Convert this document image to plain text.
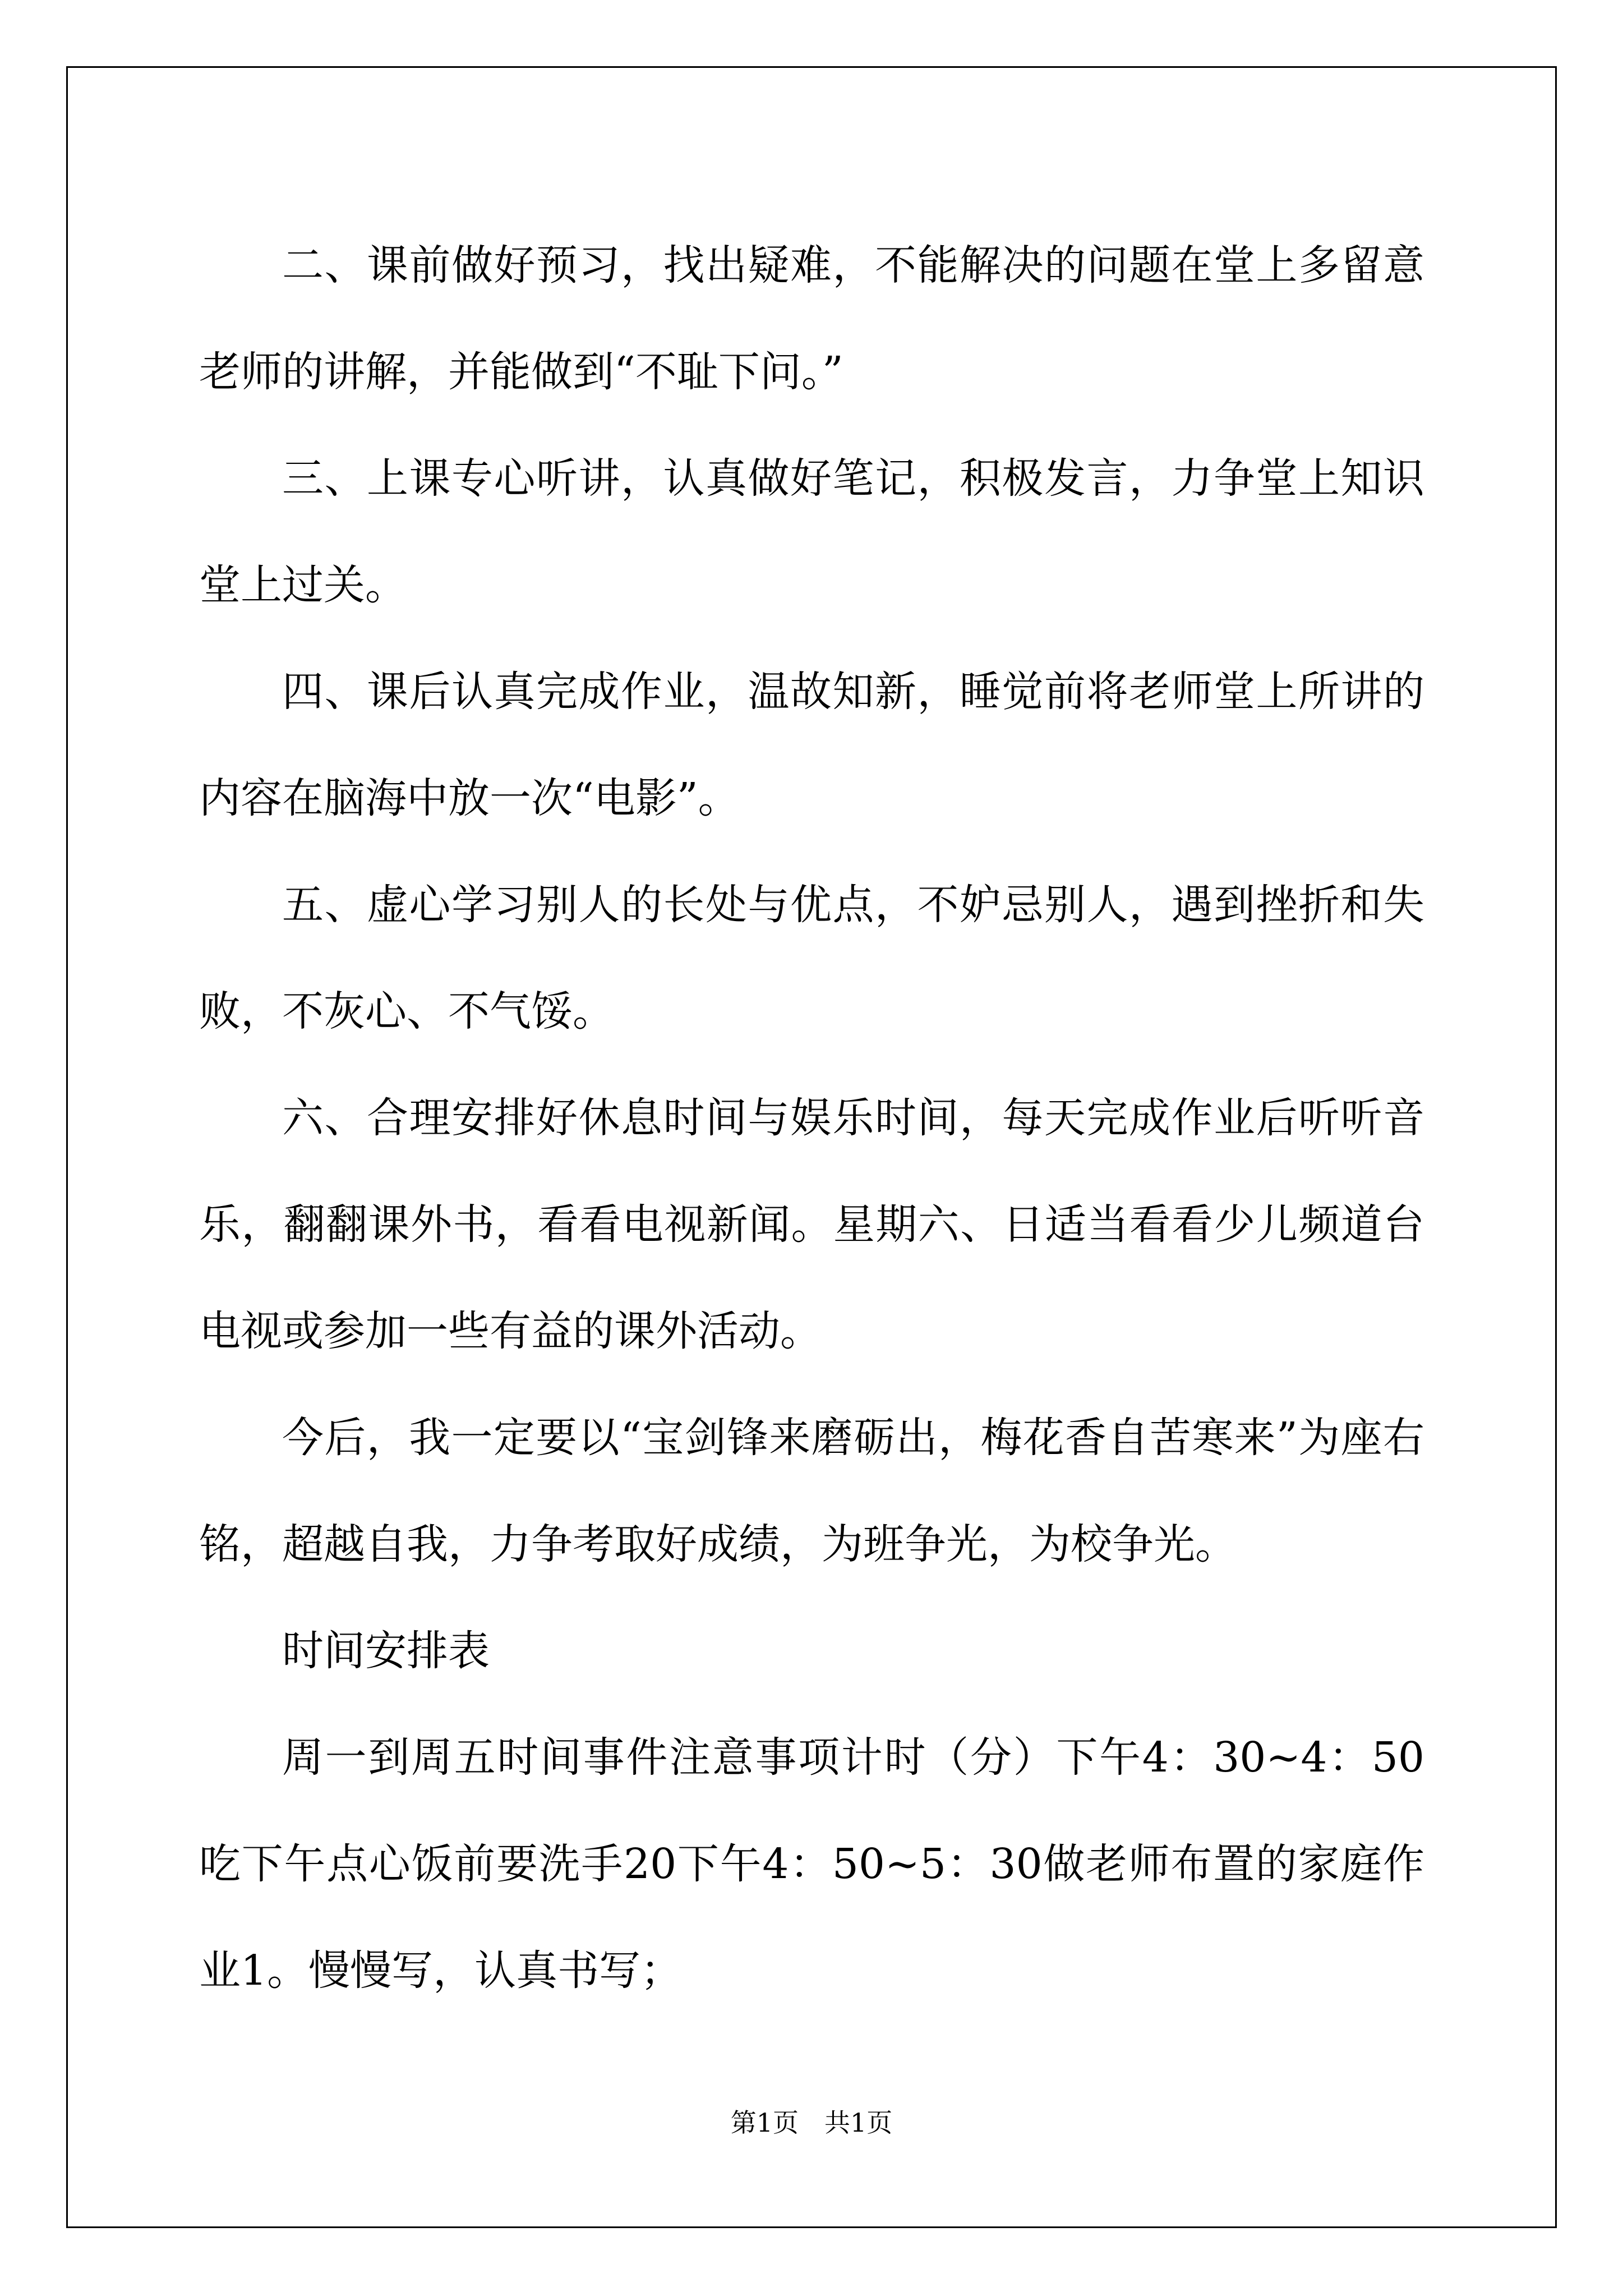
二、课前做好预习，找出疑难，不能解决的问题在堂上多留意老师的讲解，并能做到“不耻下问。”

三、上课专心听讲，认真做好笔记，积极发言，力争堂上知识堂上过关。

四、课后认真完成作业，温故知新，睡觉前将老师堂上所讲的内容在脑海中放一次“电影”。

五、虚心学习别人的长处与优点，不妒忌别人，遇到挫折和失败，不灰心、不气馁。

六、合理安排好休息时间与娱乐时间，每天完成作业后听听音乐，翻翻课外书，看看电视新闻。星期六、日适当看看少儿频道台电视或参加一些有益的课外活动。

今后，我一定要以“宝剑锋来磨砺出，梅花香自苦寒来”为座右铭，超越自我，力争考取好成绩，为班争光，为校争光。

时间安排表

周一到周五时间事件注意事项计时（分）下午4：30~4：50吃下午点心饭前要洗手20下午4：50~5：30做老师布置的家庭作业1。慢慢写，认真书写；

第1页　共1页
